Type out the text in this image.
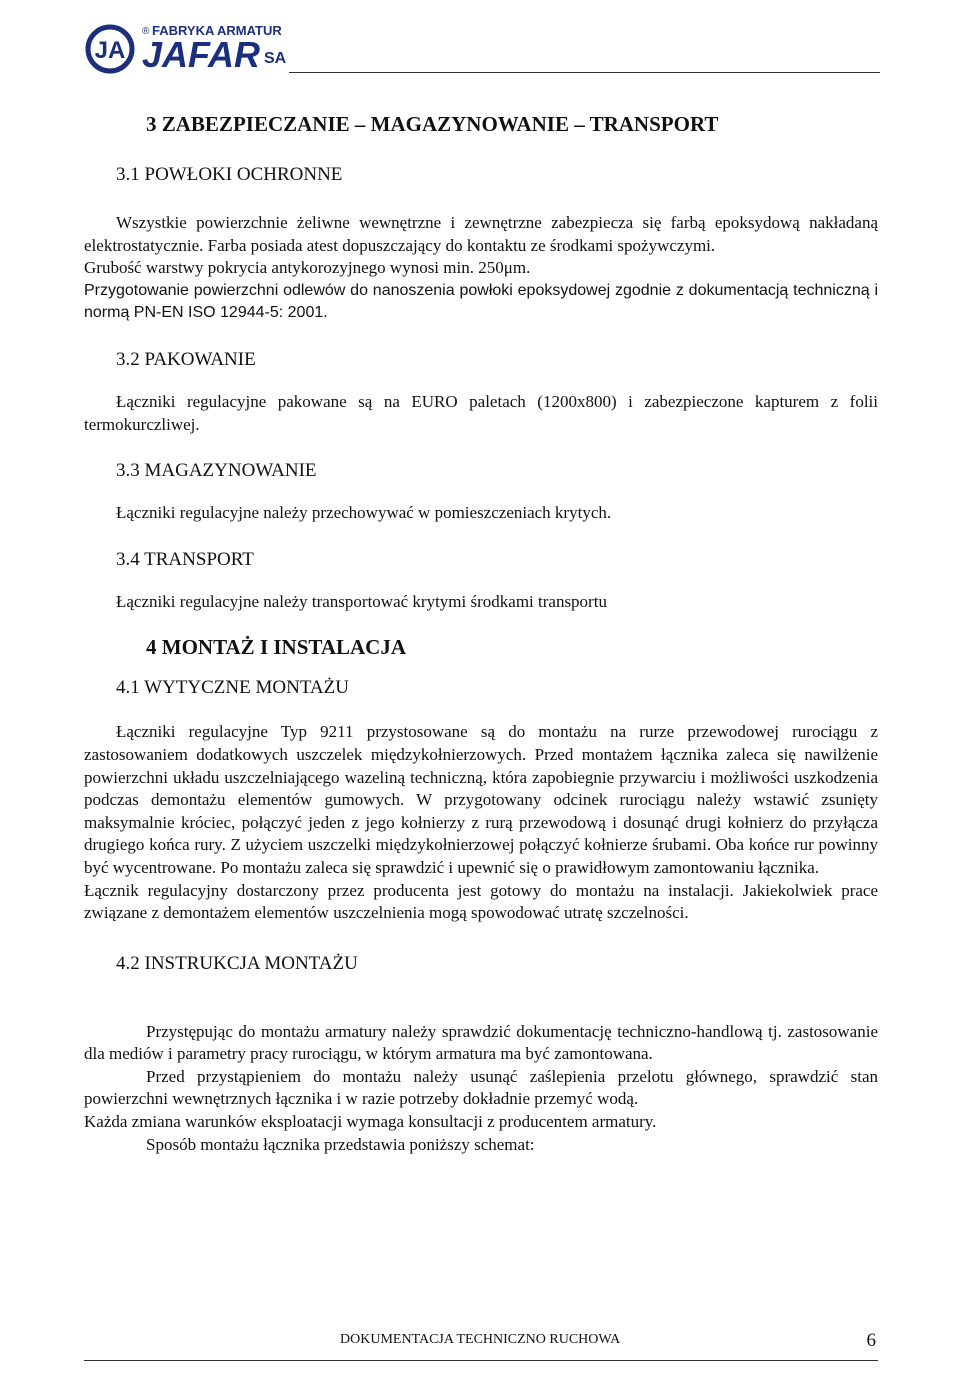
JA
® FABRYKA ARMATUR
JAFAR SA
3 ZABEZPIECZANIE – MAGAZYNOWANIE – TRANSPORT
3.1 POWŁOKI OCHRONNE

Wszystkie powierzchnie żeliwne wewnętrzne i zewnętrzne zabezpiecza się farbą epoksydową nakładaną elektrostatycznie. Farba posiada atest dopuszczający do kontaktu ze środkami spożywczymi.

Grubość warstwy pokrycia antykorozyjnego wynosi min. 250μm.

Przygotowanie powierzchni odlewów do nanoszenia powłoki epoksydowej zgodnie z dokumentacją techniczną i normą PN-EN ISO 12944-5: 2001.

3.2 PAKOWANIE

Łączniki regulacyjne pakowane są na EURO paletach (1200x800) i zabezpieczone kapturem z folii termokurczliwej.

3.3 MAGAZYNOWANIE

Łączniki regulacyjne należy przechowywać w pomieszczeniach krytych.

3.4 TRANSPORT

Łączniki regulacyjne należy transportować krytymi środkami transportu

4 MONTAŻ I INSTALACJA
4.1 WYTYCZNE MONTAŻU

Łączniki regulacyjne Typ 9211 przystosowane są do montażu na rurze przewodowej rurociągu z zastosowaniem dodatkowych uszczelek międzykołnierzowych. Przed montażem łącznika zaleca się nawilżenie powierzchni układu uszczelniającego wazeliną techniczną, która zapobiegnie przywarciu i możliwości uszkodzenia podczas demontażu elementów gumowych. W przygotowany odcinek rurociągu należy wstawić zsunięty maksymalnie króciec, połączyć jeden z jego kołnierzy z rurą przewodową i dosunąć drugi kołnierz do przyłącza drugiego końca rury. Z użyciem uszczelki międzykołnierzowej połączyć kołnierze śrubami. Oba końce rur powinny być wycentrowane. Po montażu zaleca się sprawdzić i upewnić się o prawidłowym zamontowaniu łącznika.

Łącznik regulacyjny dostarczony przez producenta jest gotowy do montażu na instalacji. Jakiekolwiek prace związane z demontażem elementów uszczelnienia mogą spowodować utratę szczelności.

4.2 INSTRUKCJA MONTAŻU

Przystępując do montażu armatury należy sprawdzić dokumentację techniczno-handlową tj. zastosowanie dla mediów i parametry pracy rurociągu, w którym armatura ma być zamontowana.

Przed przystąpieniem do montażu należy usunąć zaślepienia przelotu głównego, sprawdzić stan powierzchni wewnętrznych łącznika i w razie potrzeby dokładnie przemyć wodą.

Każda zmiana warunków eksploatacji wymaga konsultacji z producentem armatury.

Sposób montażu łącznika przedstawia poniższy schemat:

DOKUMENTACJA TECHNICZNO RUCHOWA	6
